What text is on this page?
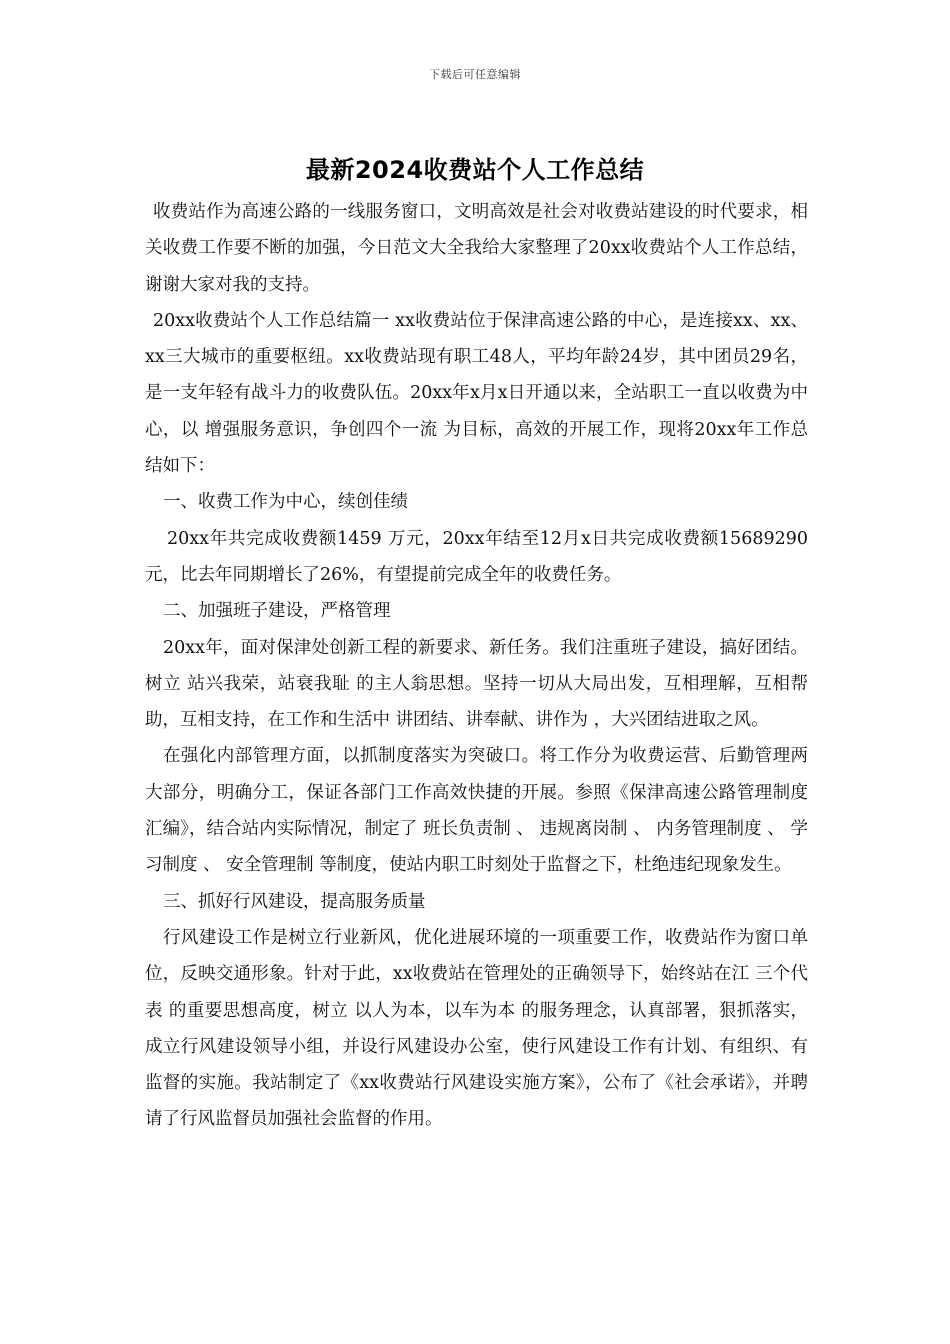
下载后可任意编辑
最新2024收费站个人工作总结

收费站作为高速公路的一线服务窗口，文明高效是社会对收费站建设的时代要求，相关收费工作要不断的加强，今日范文大全我给大家整理了20xx收费站个人工作总结，谢谢大家对我的支持。

20xx收费站个人工作总结篇一 xx收费站位于保津高速公路的中心，是连接xx、xx、xx三大城市的重要枢纽。xx收费站现有职工48人，平均年龄24岁，其中团员29名，是一支年轻有战斗力的收费队伍。20xx年x月x日开通以来，全站职工一直以收费为中心，以 增强服务意识，争创四个一流 为目标，高效的开展工作，现将20xx年工作总结如下：

一、收费工作为中心，续创佳绩

20xx年共完成收费额1459 万元，20xx年结至12月x日共完成收费额15689290元，比去年同期增长了26%，有望提前完成全年的收费任务。

二、加强班子建设，严格管理

20xx年，面对保津处创新工程的新要求、新任务。我们注重班子建设，搞好团结。树立 站兴我荣，站衰我耻 的主人翁思想。坚持一切从大局出发，互相理解，互相帮助，互相支持，在工作和生活中 讲团结、讲奉献、讲作为 ，大兴团结进取之风。

在强化内部管理方面，以抓制度落实为突破口。将工作分为收费运营、后勤管理两大部分，明确分工，保证各部门工作高效快捷的开展。参照《保津高速公路管理制度汇编》，结合站内实际情况，制定了 班长负责制 、 违规离岗制 、 内务管理制度 、 学习制度 、 安全管理制 等制度，使站内职工时刻处于监督之下，杜绝违纪现象发生。

三、抓好行风建设，提高服务质量

行风建设工作是树立行业新风，优化进展环境的一项重要工作，收费站作为窗口单位，反映交通形象。针对于此，xx收费站在管理处的正确领导下，始终站在江 三个代表 的重要思想高度，树立 以人为本，以车为本 的服务理念，认真部署，狠抓落实，成立行风建设领导小组，并设行风建设办公室，使行风建设工作有计划、有组织、有监督的实施。我站制定了《xx收费站行风建设实施方案》，公布了《社会承诺》，并聘请了行风监督员加强社会监督的作用。
